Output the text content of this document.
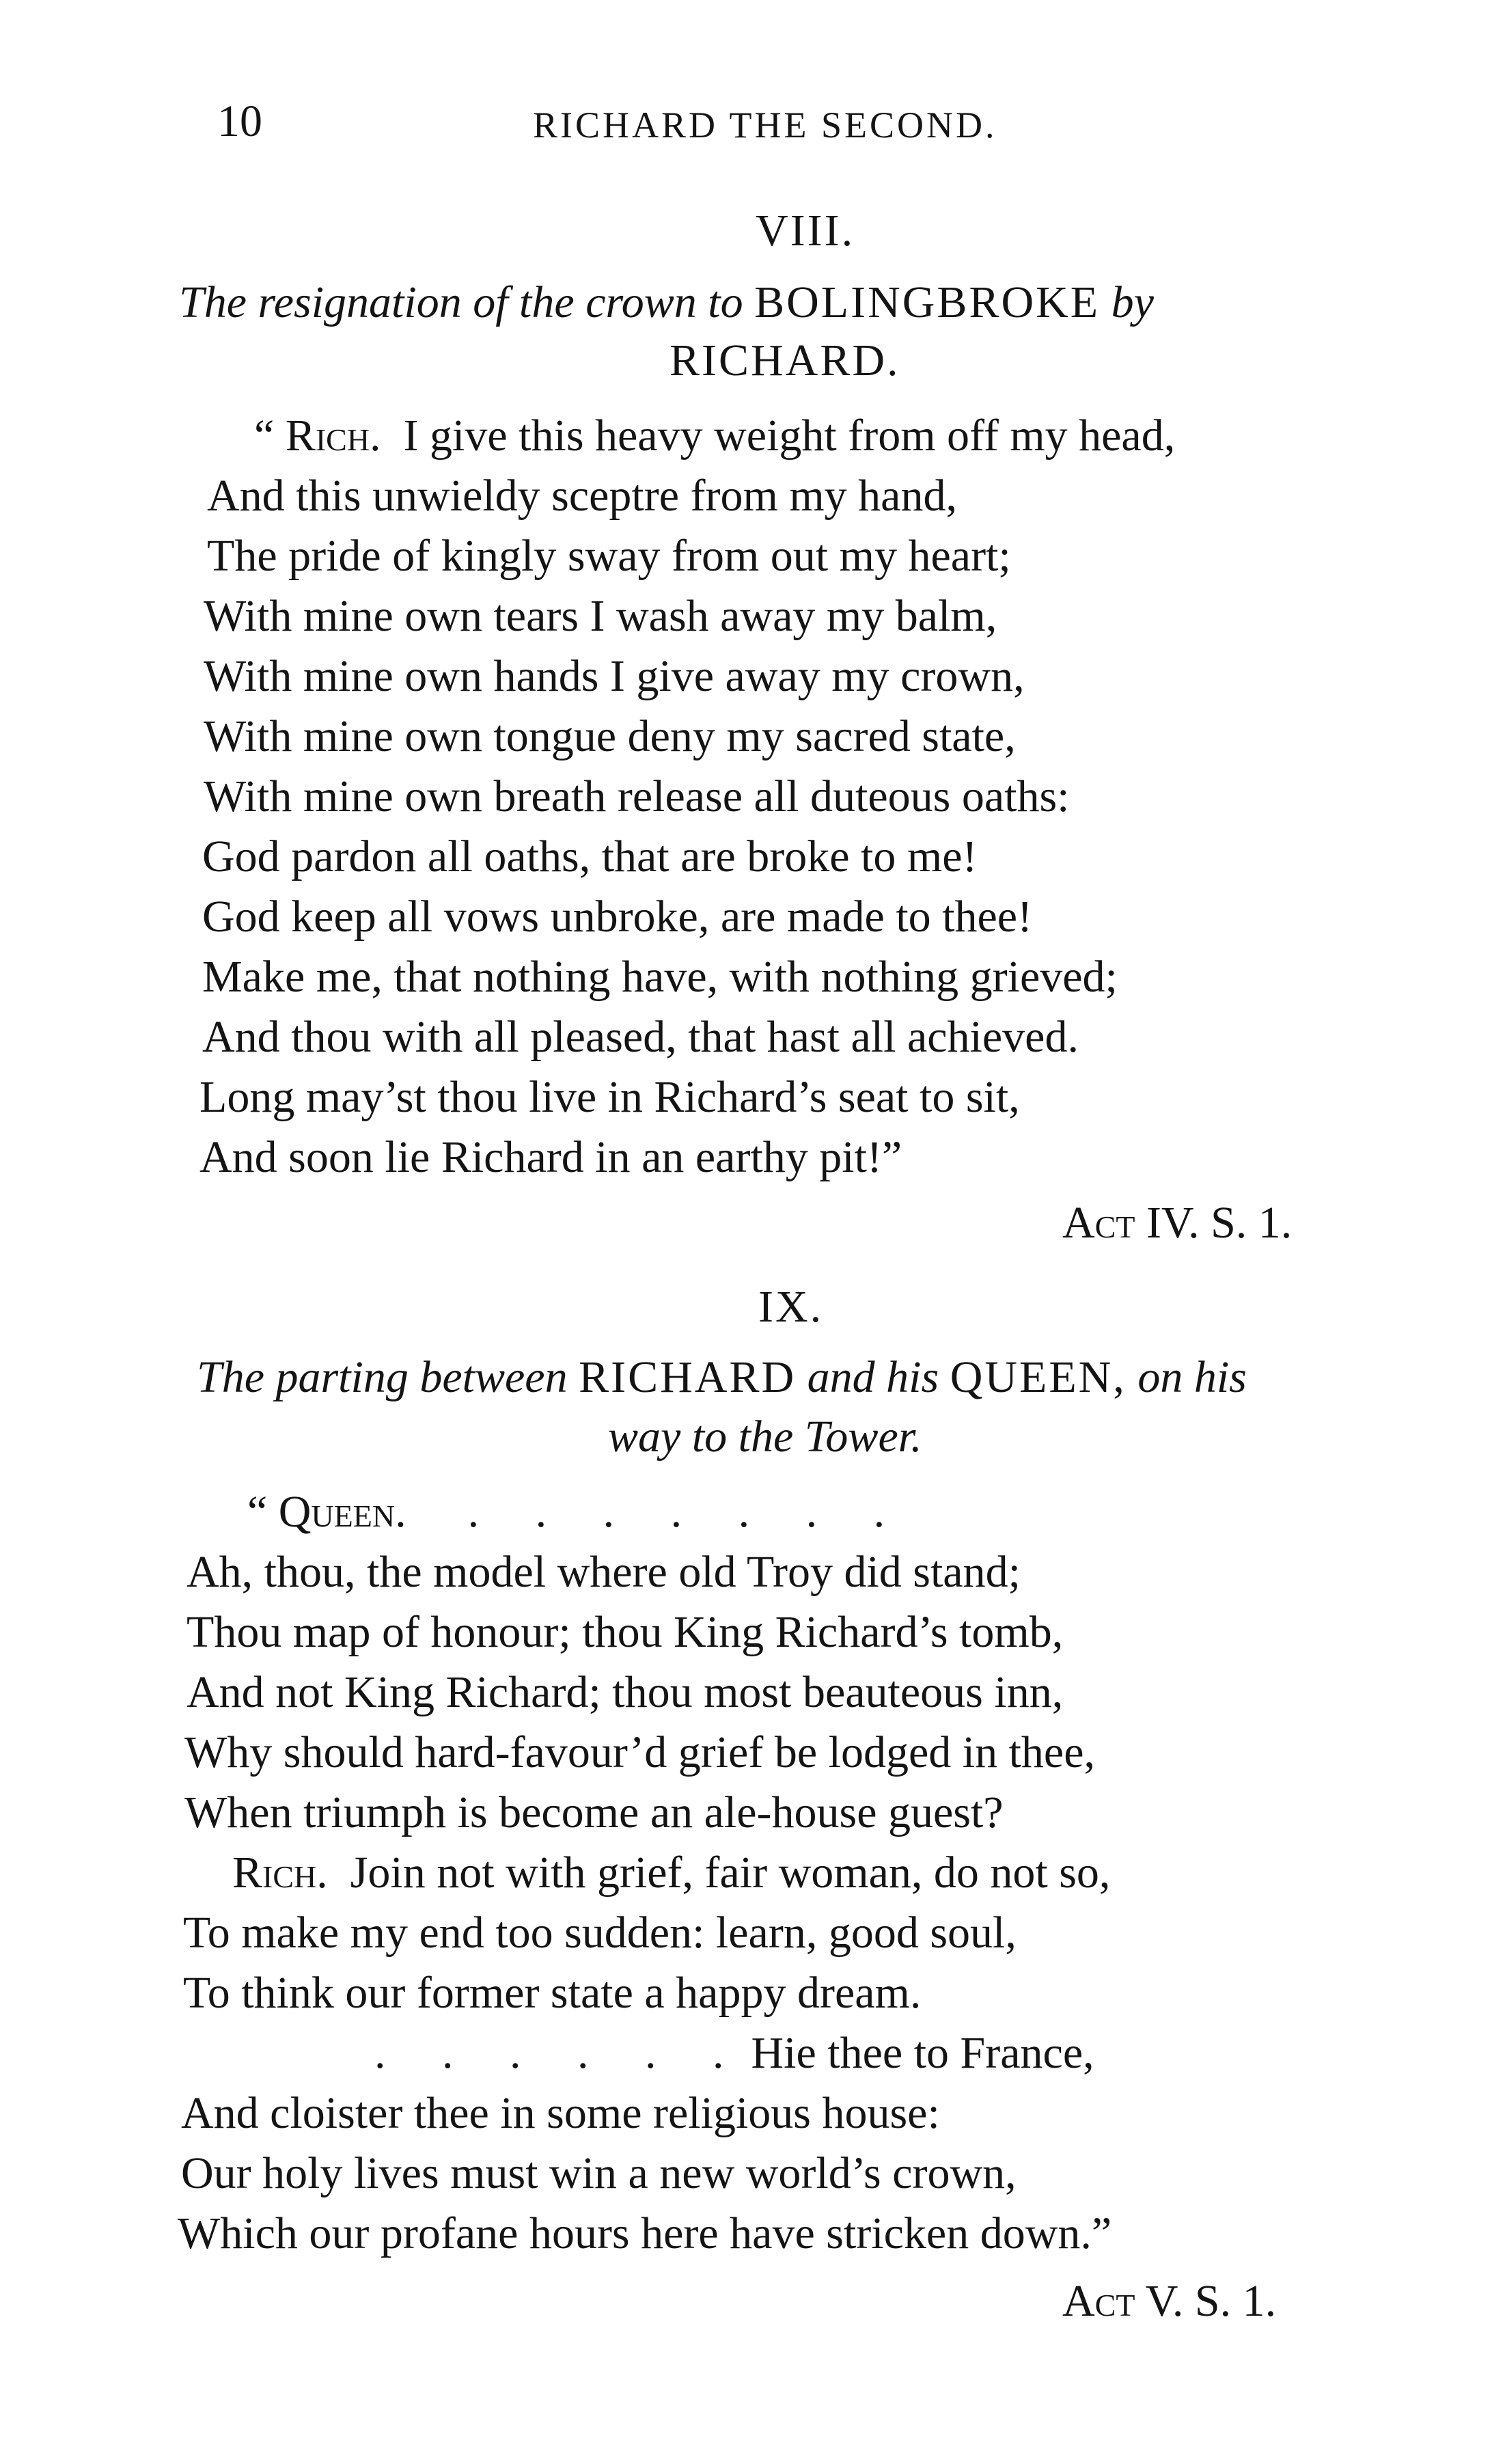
10	RICHARD THE SECOND.
VIII.
The resignation of the crown to BOLINGBROKE by
RICHARD.
“ Rich. I give this heavy weight from off my head,
And this unwieldy sceptre from my hand,
The pride of kingly sway from out my heart;
With mine own tears I wash away my balm,
With mine own hands I give away my crown,
With mine own tongue deny my sacred state,
With mine own breath release all duteous oaths:
God pardon all oaths, that are broke to me!
God keep all vows unbroke, are made to thee!
Make me, that nothing have, with nothing grieved;
And thou with all pleased, that hast all achieved.
Long may’st thou live in Richard’s seat to sit,
And soon lie Richard in an earthy pit!”
Act IV. S. 1.
IX.
The parting between RICHARD and his QUEEN, on his
way to the Tower.
“ Queen. .     .     .     .     .     .     .
Ah, thou, the model where old Troy did stand;
Thou map of honour; thou King Richard’s tomb,
And not King Richard; thou most beauteous inn,
Why should hard-favour’d grief be lodged in thee,
When triumph is become an ale-house guest?
Rich. Join not with grief, fair woman, do not so,
To make my end too sudden: learn, good soul,
To think our former state a happy dream.
.     .     .     .     .     . Hie thee to France,
And cloister thee in some religious house:
Our holy lives must win a new world’s crown,
Which our profane hours here have stricken down.”
Act V. S. 1.
